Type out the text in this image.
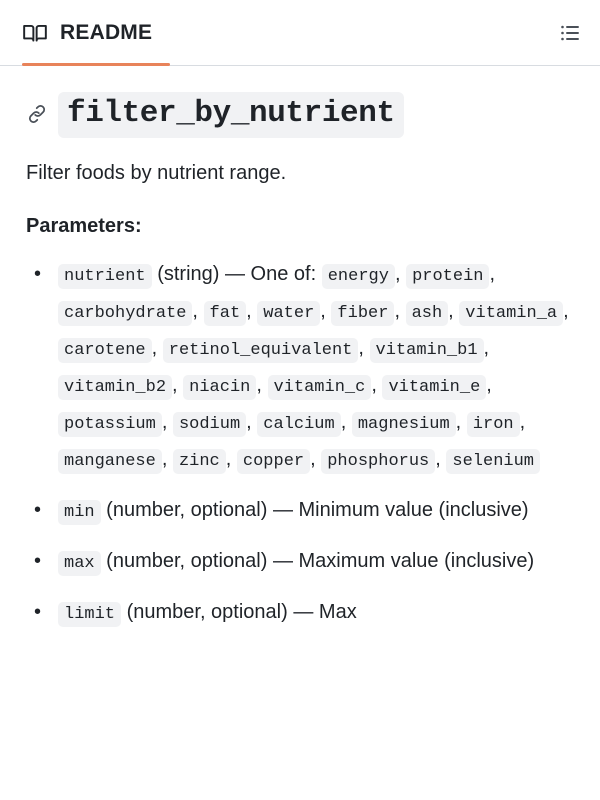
README
filter_by_nutrient

Filter foods by nutrient range.

Parameters:
• nutrient (string) — One of: energy , protein , carbohydrate , fat , water , fiber , ash , vitamin_a , carotene , retinol_equivalent , vitamin_b1 , vitamin_b2 , niacin , vitamin_c , vitamin_e , potassium , sodium , calcium , magnesium , iron , manganese , zinc , copper , phosphorus , selenium
• min (number, optional) — Minimum value (inclusive)
• max (number, optional) — Maximum value (inclusive)
• limit (number, optional) — Max
